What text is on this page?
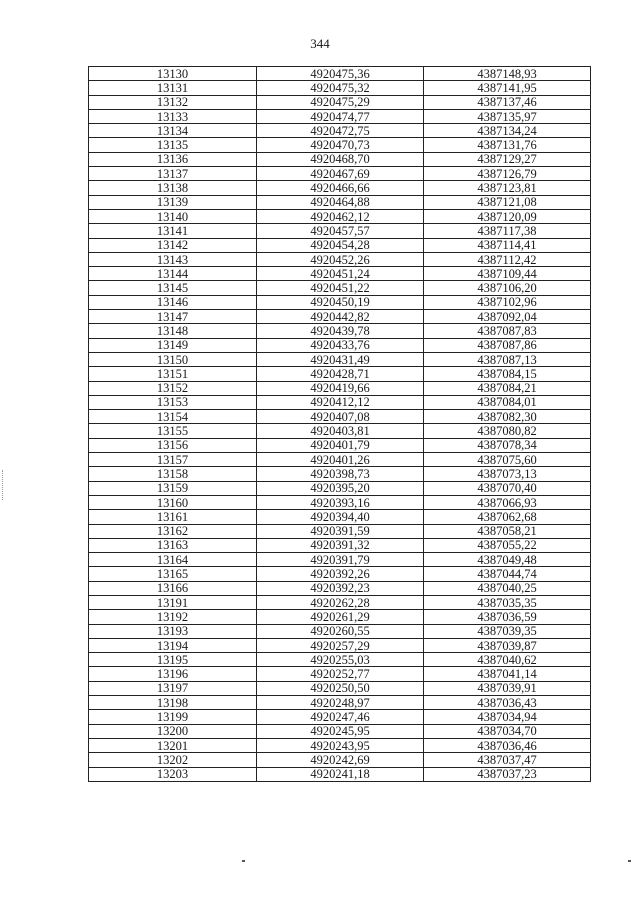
344
13130	4920475,36	4387148,93
13131	4920475,32	4387141,95
13132	4920475,29	4387137,46
13133	4920474,77	4387135,97
13134	4920472,75	4387134,24
13135	4920470,73	4387131,76
13136	4920468,70	4387129,27
13137	4920467,69	4387126,79
13138	4920466,66	4387123,81
13139	4920464,88	4387121,08
13140	4920462,12	4387120,09
13141	4920457,57	4387117,38
13142	4920454,28	4387114,41
13143	4920452,26	4387112,42
13144	4920451,24	4387109,44
13145	4920451,22	4387106,20
13146	4920450,19	4387102,96
13147	4920442,82	4387092,04
13148	4920439,78	4387087,83
13149	4920433,76	4387087,86
13150	4920431,49	4387087,13
13151	4920428,71	4387084,15
13152	4920419,66	4387084,21
13153	4920412,12	4387084,01
13154	4920407,08	4387082,30
13155	4920403,81	4387080,82
13156	4920401,79	4387078,34
13157	4920401,26	4387075,60
13158	4920398,73	4387073,13
13159	4920395,20	4387070,40
13160	4920393,16	4387066,93
13161	4920394,40	4387062,68
13162	4920391,59	4387058,21
13163	4920391,32	4387055,22
13164	4920391,79	4387049,48
13165	4920392,26	4387044,74
13166	4920392,23	4387040,25
13191	4920262,28	4387035,35
13192	4920261,29	4387036,59
13193	4920260,55	4387039,35
13194	4920257,29	4387039,87
13195	4920255,03	4387040,62
13196	4920252,77	4387041,14
13197	4920250,50	4387039,91
13198	4920248,97	4387036,43
13199	4920247,46	4387034,94
13200	4920245,95	4387034,70
13201	4920243,95	4387036,46
13202	4920242,69	4387037,47
13203	4920241,18	4387037,23
